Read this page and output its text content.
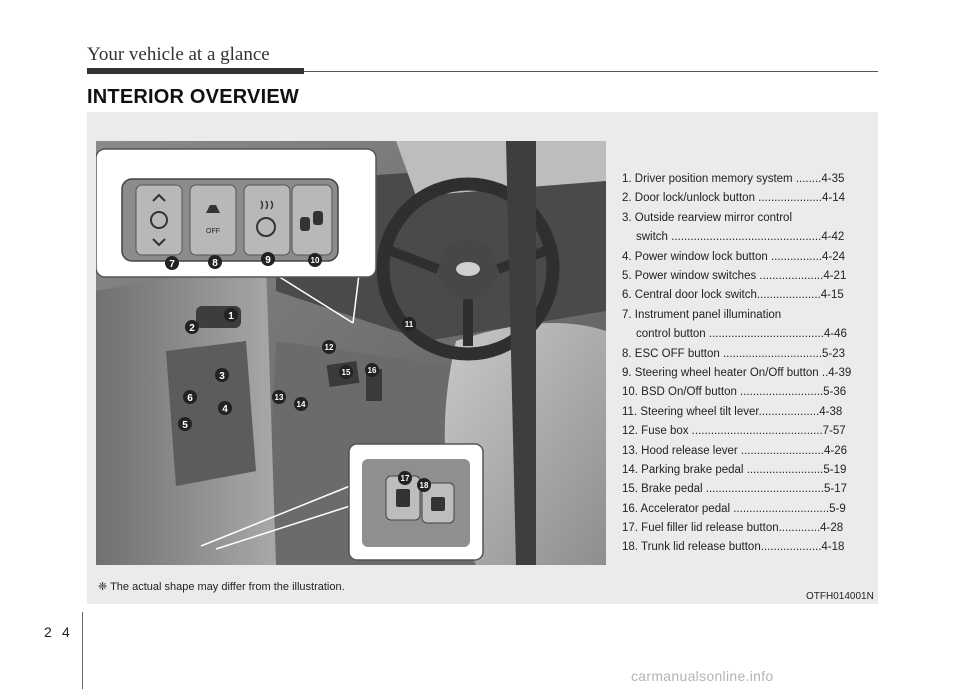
Your vehicle at a glance
INTERIOR OVERVIEW
OFF
1
2
3
4
5
6
7	8	9	10
11
12
13
14
15 16
17
18
1. Driver position memory system ........4-35
2. Door lock/unlock button ....................4-14
3. Outside rearview mirror control
switch ...............................................4-42
4. Power window lock button ................4-24
5. Power window switches ....................4-21
6. Central door lock switch....................4-15
7. Instrument panel illumination
control button ....................................4-46
8. ESC OFF button ...............................5-23
9. Steering wheel heater On/Off button ..4-39
10. BSD On/Off button ..........................5-36
11. Steering wheel tilt lever...................4-38
12. Fuse box .........................................7-57
13. Hood release lever ..........................4-26
14. Parking brake pedal ........................5-19
15. Brake pedal .....................................5-17
16. Accelerator pedal ..............................5-9
17. Fuel filler lid release button.............4-28
18. Trunk lid release button...................4-18
❈ The actual shape may differ from the illustration.
OTFH014001N
2 4
carmanualsonline.info
